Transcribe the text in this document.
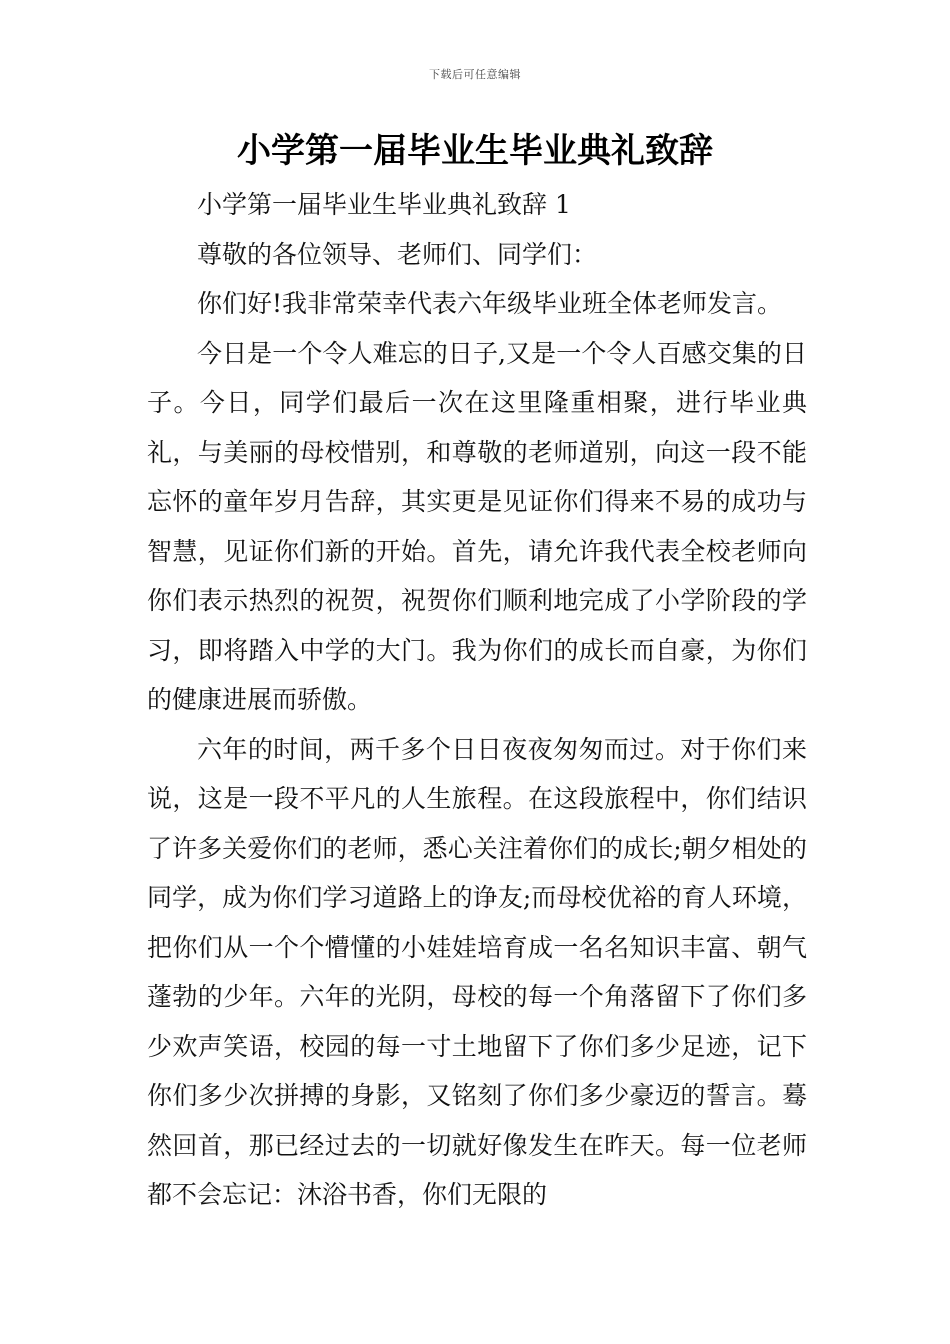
下载后可任意编辑
小学第一届毕业生毕业典礼致辞

小学第一届毕业生毕业典礼致辞 1

尊敬的各位领导、老师们、同学们：

你们好!我非常荣幸代表六年级毕业班全体老师发言。

今日是一个令人难忘的日子,又是一个令人百感交集的日子。今日，同学们最后一次在这里隆重相聚，进行毕业典礼，与美丽的母校惜别，和尊敬的老师道别，向这一段不能忘怀的童年岁月告辞，其实更是见证你们得来不易的成功与智慧，见证你们新的开始。首先，请允许我代表全校老师向你们表示热烈的祝贺，祝贺你们顺利地完成了小学阶段的学习，即将踏入中学的大门。我为你们的成长而自豪，为你们的健康进展而骄傲。

六年的时间，两千多个日日夜夜匆匆而过。对于你们来说，这是一段不平凡的人生旅程。在这段旅程中，你们结识了许多关爱你们的老师，悉心关注着你们的成长;朝夕相处的同学，成为你们学习道路上的诤友;而母校优裕的育人环境，把你们从一个个懵懂的小娃娃培育成一名名知识丰富、朝气蓬勃的少年。六年的光阴，母校的每一个角落留下了你们多少欢声笑语，校园的每一寸土地留下了你们多少足迹，记下你们多少次拼搏的身影，又铭刻了你们多少豪迈的誓言。蓦然回首，那已经过去的一切就好像发生在昨天。每一位老师都不会忘记：沐浴书香，你们无限的
